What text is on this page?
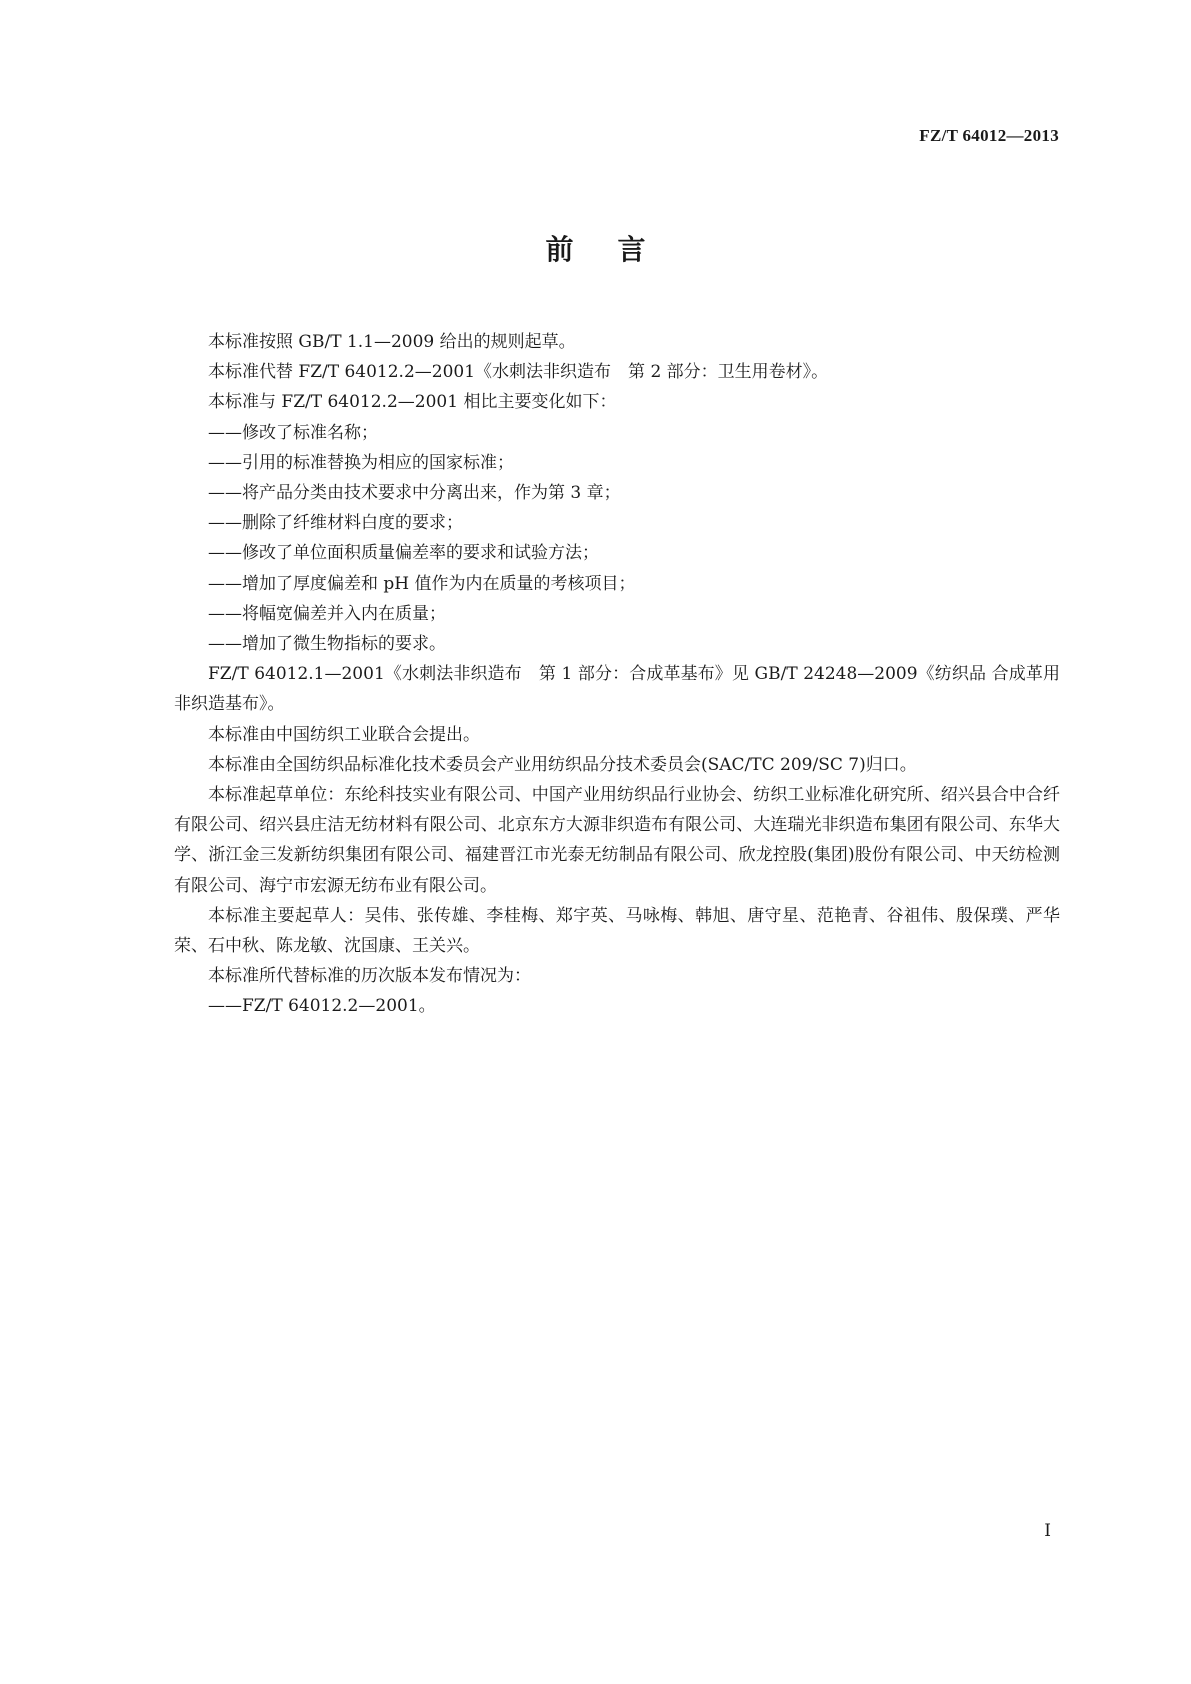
FZ/T 64012—2013
前言

本标准按照 GB/T 1.1—2009 给出的规则起草。

本标准代替 FZ/T 64012.2—2001《水刺法非织造布　第 2 部分：卫生用卷材》。

本标准与 FZ/T 64012.2—2001 相比主要变化如下：

——修改了标准名称；

——引用的标准替换为相应的国家标准；

——将产品分类由技术要求中分离出来，作为第 3 章；

——删除了纤维材料白度的要求；

——修改了单位面积质量偏差率的要求和试验方法；

——增加了厚度偏差和 pH 值作为内在质量的考核项目；

——将幅宽偏差并入内在质量；

——增加了微生物指标的要求。

FZ/T 64012.1—2001《水刺法非织造布　第 1 部分：合成革基布》见 GB/T 24248—2009《纺织品 合成革用非织造基布》。

本标准由中国纺织工业联合会提出。

本标准由全国纺织品标准化技术委员会产业用纺织品分技术委员会(SAC/TC 209/SC 7)归口。

本标准起草单位：东纶科技实业有限公司、中国产业用纺织品行业协会、纺织工业标准化研究所、绍兴县合中合纤有限公司、绍兴县庄洁无纺材料有限公司、北京东方大源非织造布有限公司、大连瑞光非织造布集团有限公司、东华大学、浙江金三发新纺织集团有限公司、福建晋江市光泰无纺制品有限公司、欣龙控股(集团)股份有限公司、中天纺检测有限公司、海宁市宏源无纺布业有限公司。

本标准主要起草人：吴伟、张传雄、李桂梅、郑宇英、马咏梅、韩旭、唐守星、范艳青、谷祖伟、殷保璞、严华荣、石中秋、陈龙敏、沈国康、王关兴。

本标准所代替标准的历次版本发布情况为：

——FZ/T 64012.2—2001。

I
